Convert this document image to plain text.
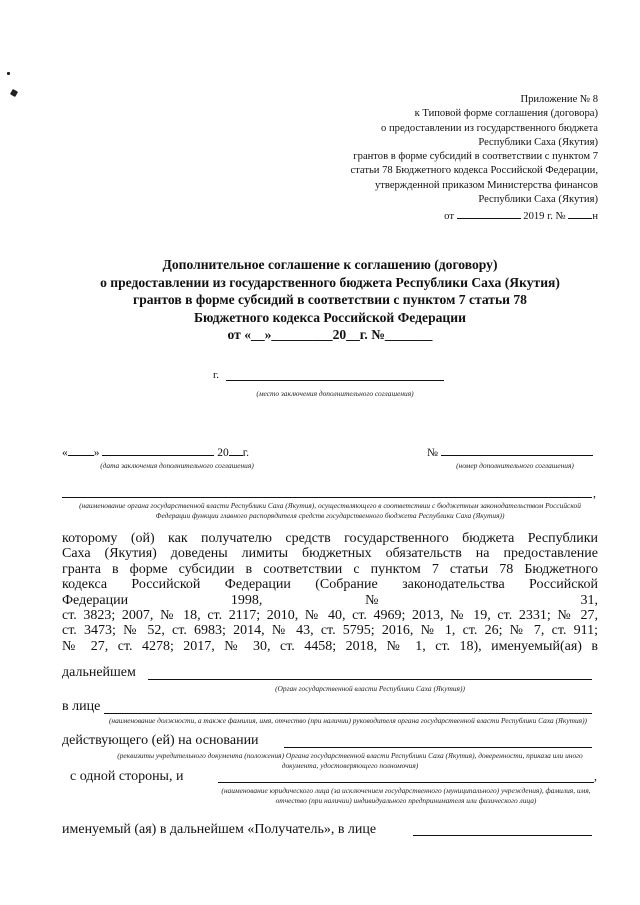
Приложение № 8
к Типовой форме соглашения (договора)
о предоставлении из государственного бюджета
Республики Саха (Якутия)
грантов в форме субсидий в соответствии с пунктом 7
статьи 78 Бюджетного кодекса Российской Федерации,
утвержденной приказом Министерства финансов
Республики Саха (Якутия)
от	2019 г. №	н
Дополнительное соглашение к соглашению (договору)
о предоставлении из государственного бюджета Республики Саха (Якутия)
грантов в форме субсидий в соответствии с пунктом 7 статьи 78
Бюджетного кодекса Российской Федерации
от «__»_________20__г. №_______
г.
(место заключения дополнительного соглашения)
« »	20 г.
(дата заключения дополнительного соглашения)
№
(номер дополнительного соглашения)
,
(наименование органа государственной власти Республики Саха (Якутия), осуществляющего в соответствии с бюджетным законодательством Российской Федерации функции главного распорядителя средств государственного бюджета Республики Саха (Якутия))
которому (ой) как получателю средств государственного бюджета Республики
Саха (Якутия) доведены лимиты бюджетных обязательств на предоставление
гранта в форме субсидии в соответствии с пунктом 7 статьи 78 Бюджетного
кодекса Российской Федерации (Собрание законодательства Российской
Федерации 1998, № 31,
ст. 3823; 2007, № 18, ст. 2117; 2010, № 40, ст. 4969; 2013, № 19, ст. 2331; № 27,
ст. 3473; № 52, ст. 6983; 2014, № 43, ст. 5795; 2016, № 1, ст. 26; № 7, ст. 911;
№ 27, ст. 4278; 2017, № 30, ст. 4458; 2018, № 1, ст. 18), именуемый(ая) в
дальнейшем
(Орган государственной власти Республики Саха (Якутия))
в лице
(наименование должности, а также фамилия, имя, отчество (при наличии) руководителя органа государственной власти Республики Саха (Якутия))
действующего (ей) на основании
(реквизиты учредительного документа (положения) Органа государственной власти Республики Саха (Якутия), доверенности, приказа или иного документа, удостоверяющего полномочия)
с одной стороны, и	,
(наименование юридического лица (за исключением государственного (муниципального) учреждения), фамилия, имя, отчество (при наличии) индивидуального предпринимателя или физического лица)
именуемый (ая) в дальнейшем «Получатель», в лице
